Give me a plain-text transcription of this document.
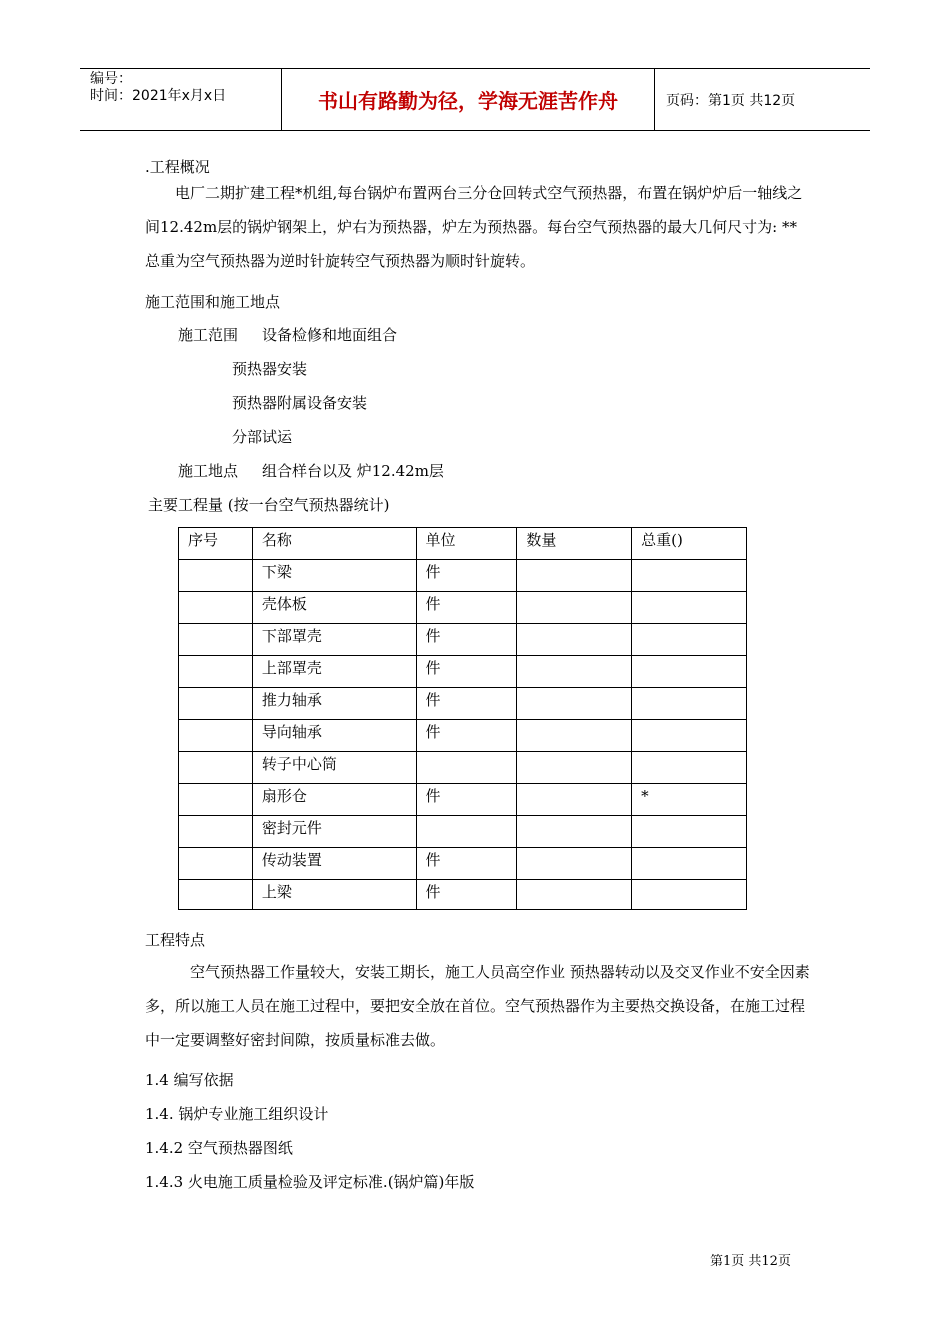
编号：
时间：2021年x月x日	书山有路勤为径，学海无涯苦作舟	页码：第1页 共12页
.工程概况
电厂二期扩建工程*机组,每台锅炉布置两台三分仓回转式空气预热器，布置在锅炉炉后一轴线之间12.42m层的锅炉钢架上，炉右为预热器，炉左为预热器。每台空气预热器的最大几何尺寸为: ** 总重为空气预热器为逆时针旋转空气预热器为顺时针旋转。
施工范围和施工地点
施工范围 设备检修和地面组合
预热器安装
预热器附属设备安装
分部试运
施工地点 组合样台以及 炉12.42m层
主要工程量 (按一台空气预热器统计)
序号	名称	单位	数量	总重()
	下梁	件		
	壳体板	件		
	下部罩壳	件		
	上部罩壳	件		
	推力轴承	件		
	导向轴承	件		
	转子中心筒			
	扇形仓	件		*
	密封元件			
	传动装置	件		
	上梁	件		
工程特点
空气预热器工作量较大，安装工期长，施工人员高空作业 预热器转动以及交叉作业不安全因素多，所以施工人员在施工过程中，要把安全放在首位。空气预热器作为主要热交换设备，在施工过程中一定要调整好密封间隙，按质量标准去做。
1.4 编写依据
1.4. 锅炉专业施工组织设计
1.4.2 空气预热器图纸
1.4.3 火电施工质量检验及评定标准.(锅炉篇)年版
第1页 共12页
